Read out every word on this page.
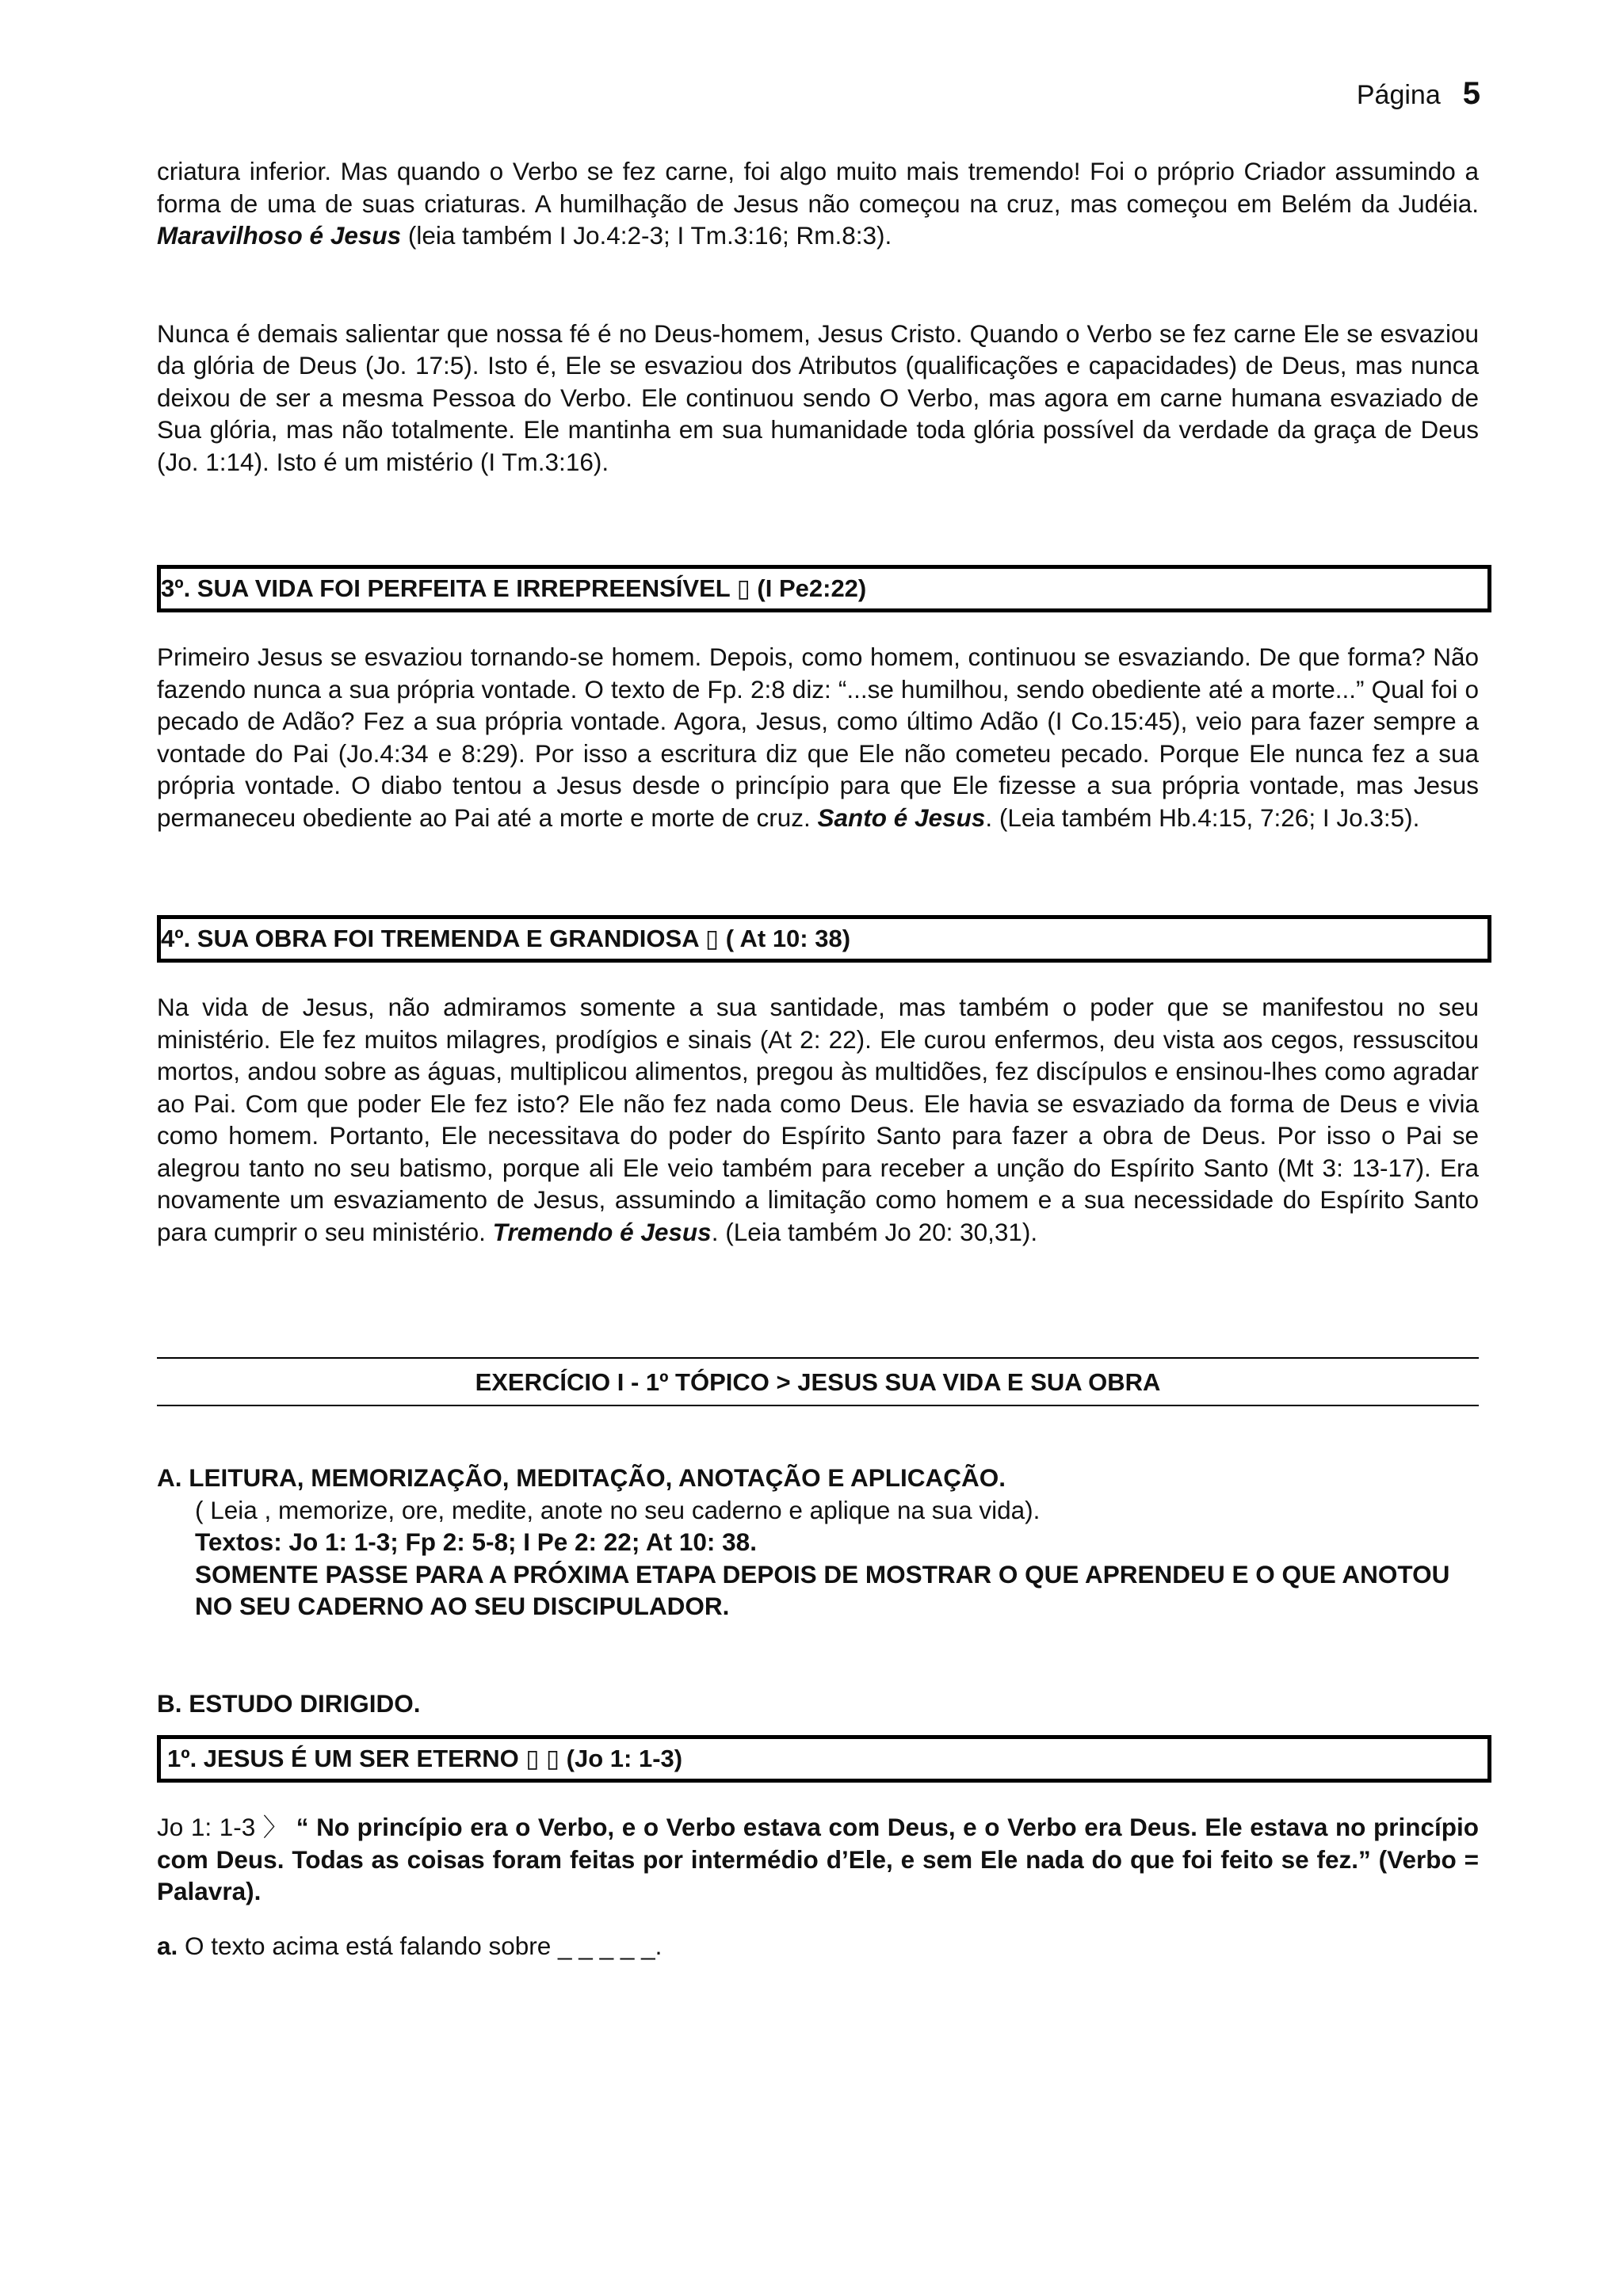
Página 5

criatura inferior. Mas quando o Verbo se fez carne, foi algo muito mais tremendo! Foi o próprio Criador assumindo a forma de uma de suas criaturas. A humilhação de Jesus não começou na cruz, mas começou em Belém da Judéia. Maravilhoso é Jesus (leia também I Jo.4:2-3; I Tm.3:16; Rm.8:3).

Nunca é demais salientar que nossa fé é no Deus-homem, Jesus Cristo. Quando o Verbo se fez carne Ele se esvaziou da glória de Deus (Jo. 17:5). Isto é, Ele se esvaziou dos Atributos (qualificações e capacidades) de Deus, mas nunca deixou de ser a mesma Pessoa do Verbo. Ele continuou sendo O Verbo, mas agora em carne humana esvaziado de Sua glória, mas não totalmente. Ele mantinha em sua humanidade toda glória possível da verdade da graça de Deus (Jo. 1:14). Isto é um mistério (I Tm.3:16).

3º. SUA VIDA FOI PERFEITA E IRREPREENSÍVEL ▯ (I Pe2:22)

Primeiro Jesus se esvaziou tornando-se homem. Depois, como homem, continuou se esvaziando. De que forma? Não fazendo nunca a sua própria vontade. O texto de Fp. 2:8 diz: “...se humilhou, sendo obediente até a morte...” Qual foi o pecado de Adão? Fez a sua própria vontade. Agora, Jesus, como último Adão (I Co.15:45), veio para fazer sempre a vontade do Pai (Jo.4:34 e 8:29). Por isso a escritura diz que Ele não cometeu pecado. Porque Ele nunca fez a sua própria vontade. O diabo tentou a Jesus desde o princípio para que Ele fizesse a sua própria vontade, mas Jesus permaneceu obediente ao Pai até a morte e morte de cruz. Santo é Jesus. (Leia também Hb.4:15, 7:26; I Jo.3:5).

4º. SUA OBRA FOI TREMENDA E GRANDIOSA ▯ ( At 10: 38)

Na vida de Jesus, não admiramos somente a sua santidade, mas também o poder que se manifestou no seu ministério. Ele fez muitos milagres, prodígios e sinais (At 2: 22). Ele curou enfermos, deu vista aos cegos, ressuscitou mortos, andou sobre as águas, multiplicou alimentos, pregou às multidões, fez discípulos e ensinou-lhes como agradar ao Pai. Com que poder Ele fez isto? Ele não fez nada como Deus. Ele havia se esvaziado da forma de Deus e vivia como homem. Portanto, Ele necessitava do poder do Espírito Santo para fazer a obra de Deus. Por isso o Pai se alegrou tanto no seu batismo, porque ali Ele veio também para receber a unção do Espírito Santo (Mt 3: 13-17). Era novamente um esvaziamento de Jesus, assumindo a limitação como homem e a sua necessidade do Espírito Santo para cumprir o seu ministério. Tremendo é Jesus. (Leia também Jo 20: 30,31).

EXERCÍCIO I - 1º TÓPICO > JESUS SUA VIDA E SUA OBRA

A. LEITURA, MEMORIZAÇÃO, MEDITAÇÃO, ANOTAÇÃO E APLICAÇÃO.

( Leia , memorize, ore, medite, anote no seu caderno e aplique na sua vida).

Textos: Jo 1: 1-3; Fp 2: 5-8; I Pe 2: 22; At 10: 38.

SOMENTE PASSE PARA A PRÓXIMA ETAPA DEPOIS DE MOSTRAR O QUE APRENDEU E O QUE ANOTOU NO SEU CADERNO AO SEU DISCIPULADOR.

B. ESTUDO DIRIGIDO.

1º. JESUS É UM SER ETERNO ▯ ▯ (Jo 1: 1-3)

Jo 1: 1-3 〉 “ No princípio era o Verbo, e o Verbo estava com Deus, e o Verbo era Deus. Ele estava no princípio com Deus. Todas as coisas foram feitas por intermédio d’Ele, e sem Ele nada do que foi feito se fez.” (Verbo = Palavra).

a. O texto acima está falando sobre _ _ _ _ _.
